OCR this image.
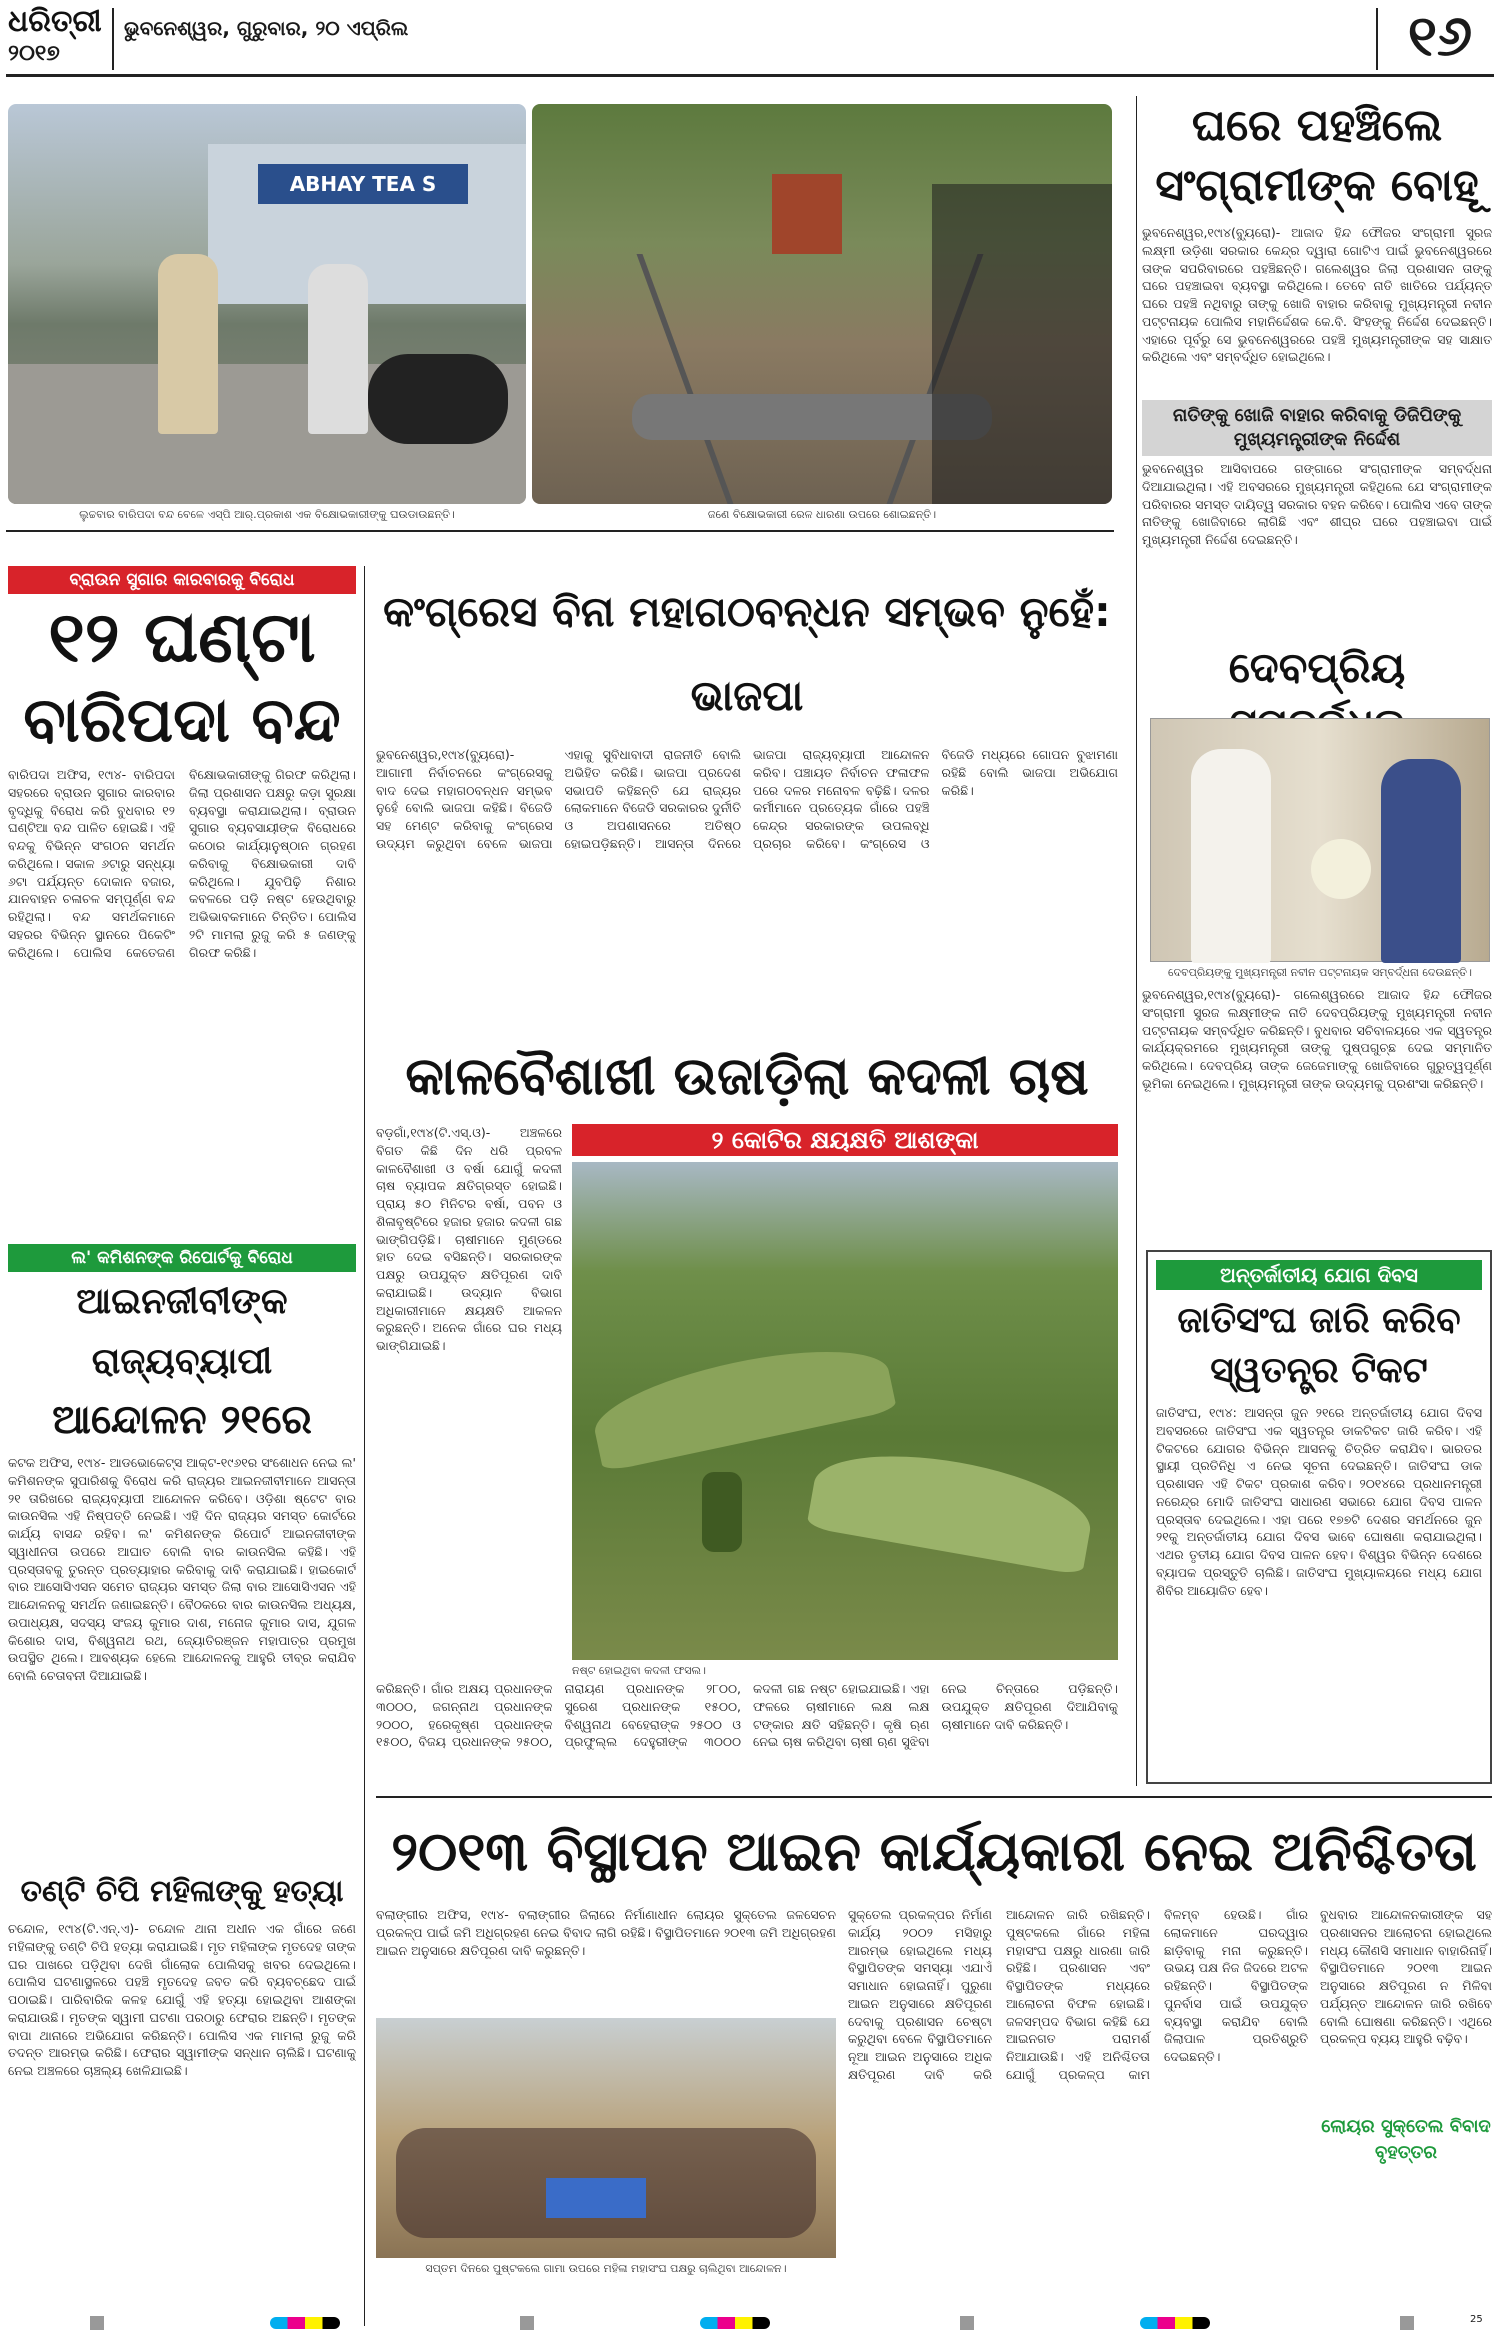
ଧରିତ୍ରୀ
୨୦୧୭
ଭୁବନେଶ୍ୱର, ଗୁରୁବାର, ୨୦ ଏପ୍ରିଲ	୧୬
ABHAY TEA S
ଲୁଚ୍ଚବାର ବାରିପଦା ବନ୍ଦ ବେଳେ ଏସ୍‌ପି ଆର୍‌.ପ୍ରକାଶ ଏକ ବିକ୍ଷୋଭକାରୀଙ୍କୁ ଘଉଡାଉଛନ୍ତି।	ଜଣେ ବିକ୍ଷୋଭକାରୀ ରେଳ ଧାରଣା ଉପରେ ଶୋଇଛନ୍ତି।
ଘରେ ପହଞ୍ଚିଲେ ସଂଗ୍ରାମୀଙ୍କ ବୋହୂ
ଭୁବନେଶ୍ୱର,୧୯ା୪(ବ୍ୟୁରୋ)- ଆଜାଦ ହିନ୍ଦ ଫୌଜର ସଂଗ୍ରାମୀ ସୁରଜ ଲକ୍ଷ୍ମୀ ଉଡ଼ିଶା ସରକାର କେନ୍ଦ୍ର ଦ୍ୱାରା ଗୋଟିଏ ପାଇଁ ଭୁବନେଶ୍ୱରରେ ତାଙ୍କ ସପରିବାରରେ ପହଞ୍ଚିଛନ୍ତି। ଗଲେଶ୍ୱର ଜିଲା ପ୍ରଶାସନ ତାଙ୍କୁ ଘରେ ପହଞ୍ଚାଇବା ବ୍ୟବସ୍ଥା କରିଥିଲେ। ତେବେ ନାତି ଖାତିରେ ପର୍ଯ୍ୟନ୍ତ ଘରେ ପହଞ୍ଚି ନଥିବାରୁ ତାଙ୍କୁ ଖୋଜି ବାହାର କରିବାକୁ ମୁଖ୍ୟମନ୍ତ୍ରୀ ନବୀନ ପଟ୍ଟନାୟକ ପୋଲିସ ମହାନିର୍ଦ୍ଦେଶକ କେ.ବି. ସିଂହଙ୍କୁ ନିର୍ଦ୍ଦେଶ ଦେଇଛନ୍ତି। ଏହାରେ ପୂର୍ବରୁ ସେ ଭୁବନେଶ୍ୱରରେ ପହଞ୍ଚି ମୁଖ୍ୟମନ୍ତ୍ରୀଙ୍କ ସହ ସାକ୍ଷାତ କରିଥିଲେ ଏବଂ ସମ୍ବର୍ଦ୍ଧିତ ହୋଇଥିଲେ।
ନାତିଙ୍କୁ ଖୋଜି ବାହାର କରିବାକୁ ଡିଜିପିଙ୍କୁ ମୁଖ୍ୟମନ୍ତ୍ରୀଙ୍କ ନିର୍ଦ୍ଦେଶ
ଭୁବନେଶ୍ୱର ଆସିବାପରେ ଗଙ୍ଗାରେ ସଂଗ୍ରାମୀଙ୍କ ସମ୍ବର୍ଦ୍ଧନା ଦିଆଯାଇଥିଲା। ଏହି ଅବସରରେ ମୁଖ୍ୟମନ୍ତ୍ରୀ କହିଥିଲେ ଯେ ସଂଗ୍ରାମୀଙ୍କ ପରିବାରର ସମସ୍ତ ଦାୟିତ୍ୱ ସରକାର ବହନ କରିବେ। ପୋଲିସ ଏବେ ତାଙ୍କ ନାତିଙ୍କୁ ଖୋଜିବାରେ ଲାଗିଛି ଏବଂ ଶୀଘ୍ର ଘରେ ପହଞ୍ଚାଇବା ପାଇଁ ମୁଖ୍ୟମନ୍ତ୍ରୀ ନିର୍ଦ୍ଦେଶ ଦେଇଛନ୍ତି।
ବ୍ରାଉନ ସୁଗାର କାରବାରକୁ ବିରୋଧ
୧୨ ଘଣ୍ଟା
ବାରିପଦା ବନ୍ଦ
ବାରିପଦା ଅଫିସ, ୧୯ା୪- ବାରିପଦା ସହରରେ ବ୍ରାଉନ ସୁଗାର କାରବାର ବୃଦ୍ଧିକୁ ବିରୋଧ କରି ବୁଧବାର ୧୨ ଘଣ୍ଟିଆ ବନ୍ଦ ପାଳିତ ହୋଇଛି। ଏହି ବନ୍ଦକୁ ବିଭିନ୍ନ ସଂଗଠନ ସମର୍ଥନ କରିଥିଲେ। ସକାଳ ୬ଟାରୁ ସନ୍ଧ୍ୟା ୬ଟା ପର୍ଯ୍ୟନ୍ତ ଦୋକାନ ବଜାର, ଯାନବାହନ ଚଳାଚଳ ସମ୍ପୂର୍ଣ୍ଣ ବନ୍ଦ ରହିଥିଲା। ବନ୍ଦ ସମର୍ଥକମାନେ ସହରର ବିଭିନ୍ନ ସ୍ଥାନରେ ପିକେଟିଂ କରିଥିଲେ। ପୋଲିସ କେତେଜଣ ବିକ୍ଷୋଭକାରୀଙ୍କୁ ଗିରଫ କରିଥିଲା। ଜିଲା ପ୍ରଶାସନ ପକ୍ଷରୁ କଡ଼ା ସୁରକ୍ଷା ବ୍ୟବସ୍ଥା କରାଯାଇଥିଲା। ବ୍ରାଉନ ସୁଗାର ବ୍ୟବସାୟୀଙ୍କ ବିରୋଧରେ କଠୋର କାର୍ଯ୍ୟାନୁଷ୍ଠାନ ଗ୍ରହଣ କରିବାକୁ ବିକ୍ଷୋଭକାରୀ ଦାବି କରିଥିଲେ। ଯୁବପିଢ଼ି ନିଶାର କବଳରେ ପଡ଼ି ନଷ୍ଟ ହେଉଥିବାରୁ ଅଭିଭାବକମାନେ ଚିନ୍ତିତ। ପୋଲିସ ୨ଟି ମାମଲା ରୁଜୁ କରି ୫ ଜଣଙ୍କୁ ଗିରଫ କରିଛି।
କଂଗ୍ରେସ ବିନା ମହାଗଠବନ୍ଧନ ସମ୍ଭବ ନୁହେଁ: ଭାଜପା
ଭୁବନେଶ୍ୱର,୧୯ା୪(ବ୍ୟୁରୋ)- ଆଗାମୀ ନିର୍ବାଚନରେ କଂଗ୍ରେସକୁ ବାଦ ଦେଇ ମହାଗଠବନ୍ଧନ ସମ୍ଭବ ନୁହେଁ ବୋଲି ଭାଜପା କହିଛି। ବିଜେଡି ସହ ମେଣ୍ଟ କରିବାକୁ କଂଗ୍ରେସ ଉଦ୍ୟମ କରୁଥିବା ବେଳେ ଭାଜପା ଏହାକୁ ସୁବିଧାବାଦୀ ରାଜନୀତି ବୋଲି ଅଭିହିତ କରିଛି। ଭାଜପା ପ୍ରଦେଶ ସଭାପତି କହିଛନ୍ତି ଯେ ରାଜ୍ୟର ଲୋକମାନେ ବିଜେଡି ସରକାରର ଦୁର୍ନୀତି ଓ ଅପଶାସନରେ ଅତିଷ୍ଠ ହୋଇପଡ଼ିଛନ୍ତି। ଆସନ୍ତା ଦିନରେ ଭାଜପା ରାଜ୍ୟବ୍ୟାପୀ ଆନ୍ଦୋଳନ କରିବ। ପଞ୍ଚାୟତ ନିର୍ବାଚନ ଫଳାଫଳ ପରେ ଦଳର ମନୋବଳ ବଢ଼ିଛି। ଦଳର କର୍ମୀମାନେ ପ୍ରତ୍ୟେକ ଗାଁରେ ପହଞ୍ଚି କେନ୍ଦ୍ର ସରକାରଙ୍କ ଉପଲବ୍ଧି ପ୍ରଚାର କରିବେ। କଂଗ୍ରେସ ଓ ବିଜେଡି ମଧ୍ୟରେ ଗୋପନ ବୁଝାମଣା ରହିଛି ବୋଲି ଭାଜପା ଅଭିଯୋଗ କରିଛି।
ଦେବପ୍ରିୟ
ଦେବପ୍ରିୟଙ୍କୁ ମୁଖ୍ୟମନ୍ତ୍ରୀ ନବୀନ ପଟ୍ଟନାୟକ ସମ୍ବର୍ଦ୍ଧନା ଦେଉଛନ୍ତି।
ଭୁବନେଶ୍ୱର,୧୯ା୪(ବ୍ୟୁରୋ)- ଗଲେଶ୍ୱରରେ ଆଜାଦ ହିନ୍ଦ ଫୌଜର ସଂଗ୍ରାମୀ ସୁରଜ ଲକ୍ଷ୍ମୀଙ୍କ ନାତି ଦେବପ୍ରିୟଙ୍କୁ ମୁଖ୍ୟମନ୍ତ୍ରୀ ନବୀନ ପଟ୍ଟନାୟକ ସମ୍ବର୍ଦ୍ଧିତ କରିଛନ୍ତି। ବୁଧବାର ସଚିବାଳୟରେ ଏକ ସ୍ୱତନ୍ତ୍ର କାର୍ଯ୍ୟକ୍ରମରେ ମୁଖ୍ୟମନ୍ତ୍ରୀ ତାଙ୍କୁ ପୁଷ୍ପଗୁଚ୍ଛ ଦେଇ ସମ୍ମାନିତ କରିଥିଲେ। ଦେବପ୍ରିୟ ତାଙ୍କ ଜେଜେମାଙ୍କୁ ଖୋଜିବାରେ ଗୁରୁତ୍ୱପୂର୍ଣ୍ଣ ଭୂମିକା ନେଇଥିଲେ। ମୁଖ୍ୟମନ୍ତ୍ରୀ ତାଙ୍କ ଉଦ୍ୟମକୁ ପ୍ରଶଂସା କରିଛନ୍ତି।
କାଳବୈଶାଖୀ ଉଜାଡ଼ିଲା କଦଳୀ ଚାଷ
୨ କୋଟିର କ୍ଷୟକ୍ଷତି ଆଶଙ୍କା
ବଡ଼ଗାଁ,୧୯ା୪(ଟି.ଏସ୍‌.ଓ)- ଅଞ୍ଚଳରେ ବିଗତ କିଛି ଦିନ ଧରି ପ୍ରବଳ କାଳବୈଶାଖୀ ଓ ବର୍ଷା ଯୋଗୁଁ କଦଳୀ ଚାଷ ବ୍ୟାପକ କ୍ଷତିଗ୍ରସ୍ତ ହୋଇଛି। ପ୍ରାୟ ୫୦ ମିନିଟର ବର୍ଷା, ପବନ ଓ ଶିଳାବୃଷ୍ଟିରେ ହଜାର ହଜାର କଦଳୀ ଗଛ ଭାଙ୍ଗିପଡ଼ିଛି। ଚାଷୀମାନେ ମୁଣ୍ଡରେ ହାତ ଦେଇ ବସିଛନ୍ତି। ସରକାରଙ୍କ ପକ୍ଷରୁ ଉପଯୁକ୍ତ କ୍ଷତିପୂରଣ ଦାବି କରାଯାଇଛି। ଉଦ୍ୟାନ ବିଭାଗ ଅଧିକାରୀମାନେ କ୍ଷୟକ୍ଷତି ଆକଳନ କରୁଛନ୍ତି। ଅନେକ ଗାଁରେ ଘର ମଧ୍ୟ ଭାଙ୍ଗିଯାଇଛି।
ନଷ୍ଟ ହୋଇଥିବା କଦଳୀ ଫସଲ।
କରିଛନ୍ତି। ଗାଁର ଅକ୍ଷୟ ପ୍ରଧାନଙ୍କ ୩୦୦୦, ଜଗନ୍ନାଥ ପ୍ରଧାନଙ୍କ ୨୦୦୦, ହରେକୃଷ୍ଣ ପ୍ରଧାନଙ୍କ ୧୫୦୦, ବିଜୟ ପ୍ରଧାନଙ୍କ ୨୫୦୦, ନାରାୟଣ ପ୍ରଧାନଙ୍କ ୨୮୦୦, ସୁରେଶ ପ୍ରଧାନଙ୍କ ୧୫୦୦, ବିଶ୍ୱନାଥ ବେହେରାଙ୍କ ୨୫୦୦ ଓ ପ୍ରଫୁଲ୍ଲ ଦେହୁରୀଙ୍କ ୩୦୦୦ କଦଳୀ ଗଛ ନଷ୍ଟ ହୋଇଯାଇଛି। ଏହା ଫଳରେ ଚାଷୀମାନେ ଲକ୍ଷ ଲକ୍ଷ ଟଙ୍କାର କ୍ଷତି ସହିଛନ୍ତି। କୃଷି ଋଣ ନେଇ ଚାଷ କରିଥିବା ଚାଷୀ ଋଣ ସୁଝିବା ନେଇ ଚିନ୍ତାରେ ପଡ଼ିଛନ୍ତି। ଉପଯୁକ୍ତ କ୍ଷତିପୂରଣ ଦିଆଯିବାକୁ ଚାଷୀମାନେ ଦାବି କରିଛନ୍ତି।
ଅନ୍ତର୍ଜାତୀୟ ଯୋଗ ଦିବସ
ଜାତିସଂଘ ଜାରି କରିବ ସ୍ୱତନ୍ତ୍ର ଟିକଟ
ଜାତିସଂଘ, ୧୯ା୪: ଆସନ୍ତା ଜୁନ ୨୧ରେ ଅନ୍ତର୍ଜାତୀୟ ଯୋଗ ଦିବସ ଅବସରରେ ଜାତିସଂଘ ଏକ ସ୍ୱତନ୍ତ୍ର ଡାକଟିକଟ ଜାରି କରିବ। ଏହି ଟିକଟରେ ଯୋଗର ବିଭିନ୍ନ ଆସନକୁ ଚିତ୍ରିତ କରାଯିବ। ଭାରତର ସ୍ଥାୟୀ ପ୍ରତିନିଧି ଏ ନେଇ ସୂଚନା ଦେଇଛନ୍ତି। ଜାତିସଂଘ ଡାକ ପ୍ରଶାସନ ଏହି ଟିକଟ ପ୍ରକାଶ କରିବ। ୨୦୧୪ରେ ପ୍ରଧାନମନ୍ତ୍ରୀ ନରେନ୍ଦ୍ର ମୋଦି ଜାତିସଂଘ ସାଧାରଣ ସଭାରେ ଯୋଗ ଦିବସ ପାଳନ ପ୍ରସ୍ତାବ ଦେଇଥିଲେ। ଏହା ପରେ ୧୭୭ଟି ଦେଶର ସମର୍ଥନରେ ଜୁନ ୨୧କୁ ଅନ୍ତର୍ଜାତୀୟ ଯୋଗ ଦିବସ ଭାବେ ଘୋଷଣା କରାଯାଇଥିଲା। ଏଥର ତୃତୀୟ ଯୋଗ ଦିବସ ପାଳନ ହେବ। ବିଶ୍ୱର ବିଭିନ୍ନ ଦେଶରେ ବ୍ୟାପକ ପ୍ରସ୍ତୁତି ଚାଲିଛି। ଜାତିସଂଘ ମୁଖ୍ୟାଳୟରେ ମଧ୍ୟ ଯୋଗ ଶିବିର ଆୟୋଜିତ ହେବ।
ଲ' କମିଶନଙ୍କ ରିପୋର୍ଟକୁ ବିରୋଧ
ଆଇନଜୀବୀଙ୍କ ରାଜ୍ୟବ୍ୟାପୀ
ଆନ୍ଦୋଳନ ୨୧ରେ
କଟକ ଅଫିସ, ୧୯ା୪- ଆଡଭୋକେଟ୍ସ ଆକ୍ଟ-୧୯୬୧ର ସଂଶୋଧନ ନେଇ ଲ' କମିଶନଙ୍କ ସୁପାରିଶକୁ ବିରୋଧ କରି ରାଜ୍ୟର ଆଇନଜୀବୀମାନେ ଆସନ୍ତା ୨୧ ତାରିଖରେ ରାଜ୍ୟବ୍ୟାପୀ ଆନ୍ଦୋଳନ କରିବେ। ଓଡ଼ିଶା ଷ୍ଟେଟ ବାର କାଉନସିଲ ଏହି ନିଷ୍ପତ୍ତି ନେଇଛି। ଏହି ଦିନ ରାଜ୍ୟର ସମସ୍ତ କୋର୍ଟରେ କାର୍ଯ୍ୟ ବାସନ୍ଦ ରହିବ। ଲ' କମିଶନଙ୍କ ରିପୋର୍ଟ ଆଇନଜୀବୀଙ୍କ ସ୍ୱାଧୀନତା ଉପରେ ଆଘାତ ବୋଲି ବାର କାଉନସିଲ କହିଛି। ଏହି ପ୍ରସ୍ତାବକୁ ତୁରନ୍ତ ପ୍ରତ୍ୟାହାର କରିବାକୁ ଦାବି କରାଯାଇଛି। ହାଇକୋର୍ଟ ବାର ଆସୋସିଏସନ ସମେତ ରାଜ୍ୟର ସମସ୍ତ ଜିଲା ବାର ଆସୋସିଏସନ ଏହି ଆନ୍ଦୋଳନକୁ ସମର୍ଥନ ଜଣାଇଛନ୍ତି। ବୈଠକରେ ବାର କାଉନସିଲ ଅଧ୍ୟକ୍ଷ, ଉପାଧ୍ୟକ୍ଷ, ସଦସ୍ୟ ସଂଜୟ କୁମାର ଦାଶ, ମନୋଜ କୁମାର ଦାସ, ଯୁଗଳ କିଶୋର ଦାସ, ବିଶ୍ୱନାଥ ରଥ, ଜ୍ୟୋତିରଞ୍ଜନ ମହାପାତ୍ର ପ୍ରମୁଖ ଉପସ୍ଥିତ ଥିଲେ। ଆବଶ୍ୟକ ହେଲେ ଆନ୍ଦୋଳନକୁ ଆହୁରି ତୀବ୍ର କରାଯିବ ବୋଲି ଚେତାବନୀ ଦିଆଯାଇଛି।
ତଣ୍ଟି ଚିପି ମହିଳାଙ୍କୁ ହତ୍ୟା
ଚନ୍ଦୋଳ, ୧୯ା୪(ଟି.ଏନ୍‌.ଏ)- ଚନ୍ଦୋଳ ଥାନା ଅଧୀନ ଏକ ଗାଁରେ ଜଣେ ମହିଳାଙ୍କୁ ତଣ୍ଟି ଚିପି ହତ୍ୟା କରାଯାଇଛି। ମୃତ ମହିଳାଙ୍କ ମୃତଦେହ ତାଙ୍କ ଘର ପାଖରେ ପଡ଼ିଥିବା ଦେଖି ଗାଁଲୋକ ପୋଲିସକୁ ଖବର ଦେଇଥିଲେ। ପୋଲିସ ଘଟଣାସ୍ଥଳରେ ପହଞ୍ଚି ମୃତଦେହ ଜବତ କରି ବ୍ୟବଚ୍ଛେଦ ପାଇଁ ପଠାଇଛି। ପାରିବାରିକ କଳହ ଯୋଗୁଁ ଏହି ହତ୍ୟା ହୋଇଥିବା ଆଶଙ୍କା କରାଯାଉଛି। ମୃତଙ୍କ ସ୍ୱାମୀ ଘଟଣା ପରଠାରୁ ଫେରାର ଅଛନ୍ତି। ମୃତଙ୍କ ବାପା ଥାନାରେ ଅଭିଯୋଗ କରିଛନ୍ତି। ପୋଲିସ ଏକ ମାମଲା ରୁଜୁ କରି ତଦନ୍ତ ଆରମ୍ଭ କରିଛି। ଫେରାର ସ୍ୱାମୀଙ୍କ ସନ୍ଧାନ ଚାଲିଛି। ଘଟଣାକୁ ନେଇ ଅଞ୍ଚଳରେ ଚାଞ୍ଚଲ୍ୟ ଖେଳିଯାଇଛି।
୨୦୧୩ ବିସ୍ଥାପନ ଆଇନ କାର୍ଯ୍ୟକାରୀ ନେଇ ଅନିଶ୍ଚିତତା
ବଲାଙ୍ଗୀର ଅଫିସ, ୧୯ା୪- ବଲାଙ୍ଗୀର ଜିଲାରେ ନିର୍ମାଣାଧୀନ ଲୋୟର ସୁକ୍ତେଲ ଜଳସେଚନ ପ୍ରକଳ୍ପ ପାଇଁ ଜମି ଅଧିଗ୍ରହଣ ନେଇ ବିବାଦ ଲାଗି ରହିଛି। ବିସ୍ଥାପିତମାନେ ୨୦୧୩ ଜମି ଅଧିଗ୍ରହଣ ଆଇନ ଅନୁସାରେ କ୍ଷତିପୂରଣ ଦାବି କରୁଛନ୍ତି।
ସପ୍ତମ ଦିନରେ ପୁଷ୍ଟକଲେ ଗାମା ଉପରେ ମହିଳା ମହାସଂଘ ପକ୍ଷରୁ ଚାଲିଥିବା ଆନ୍ଦୋଳନ।
ସୁକ୍ତେଲ ପ୍ରକଳ୍ପର ନିର୍ମାଣ କାର୍ଯ୍ୟ ୨୦୦୨ ମସିହାରୁ ଆରମ୍ଭ ହୋଇଥିଲେ ମଧ୍ୟ ବିସ୍ଥାପିତଙ୍କ ସମସ୍ୟା ଏଯାଏଁ ସମାଧାନ ହୋଇନାହିଁ। ପୁରୁଣା ଆଇନ ଅନୁସାରେ କ୍ଷତିପୂରଣ ଦେବାକୁ ପ୍ରଶାସନ ଚେଷ୍ଟା କରୁଥିବା ବେଳେ ବିସ୍ଥାପିତମାନେ ନୂଆ ଆଇନ ଅନୁସାରେ ଅଧିକ କ୍ଷତିପୂରଣ ଦାବି କରି ଆନ୍ଦୋଳନ ଜାରି ରଖିଛନ୍ତି। ପୁଷ୍ଟକଲେ ଗାଁରେ ମହିଳା ମହାସଂଘ ପକ୍ଷରୁ ଧାରଣା ଜାରି ରହିଛି। ପ୍ରଶାସନ ଏବଂ ବିସ୍ଥାପିତଙ୍କ ମଧ୍ୟରେ ଆଲୋଚନା ବିଫଳ ହୋଇଛି। ଜଳସମ୍ପଦ ବିଭାଗ କହିଛି ଯେ ଆଇନଗତ ପରାମର୍ଶ ନିଆଯାଉଛି। ଏହି ଅନିଶ୍ଚିତତା ଯୋଗୁଁ ପ୍ରକଳ୍ପ କାମ ବିଳମ୍ବ ହେଉଛି। ଗାଁର ଲୋକମାନେ ଘରଦ୍ୱାର ଛାଡ଼ିବାକୁ ମନା କରୁଛନ୍ତି। ଉଭୟ ପକ୍ଷ ନିଜ ଜିଦରେ ଅଟଳ ରହିଛନ୍ତି। ବିସ୍ଥାପିତଙ୍କ ପୁନର୍ବାସ ପାଇଁ ଉପଯୁକ୍ତ ବ୍ୟବସ୍ଥା କରାଯିବ ବୋଲି ଜିଲାପାଳ ପ୍ରତିଶ୍ରୁତି ଦେଇଛନ୍ତି।
ବୁଧବାର ଆନ୍ଦୋଳନକାରୀଙ୍କ ସହ ପ୍ରଶାସନର ଆଲୋଚନା ହୋଇଥିଲେ ମଧ୍ୟ କୌଣସି ସମାଧାନ ବାହାରିନାହିଁ। ବିସ୍ଥାପିତମାନେ ୨୦୧୩ ଆଇନ ଅନୁସାରେ କ୍ଷତିପୂରଣ ନ ମିଳିବା ପର୍ଯ୍ୟନ୍ତ ଆନ୍ଦୋଳନ ଜାରି ରଖିବେ ବୋଲି ଘୋଷଣା କରିଛନ୍ତି। ଏଥିରେ ପ୍ରକଳ୍ପ ବ୍ୟୟ ଆହୁରି ବଢ଼ିବ।
ଲୋୟର ସୁକ୍ତେଲ ବିବାଦ ବୃହତ୍ତର
25
